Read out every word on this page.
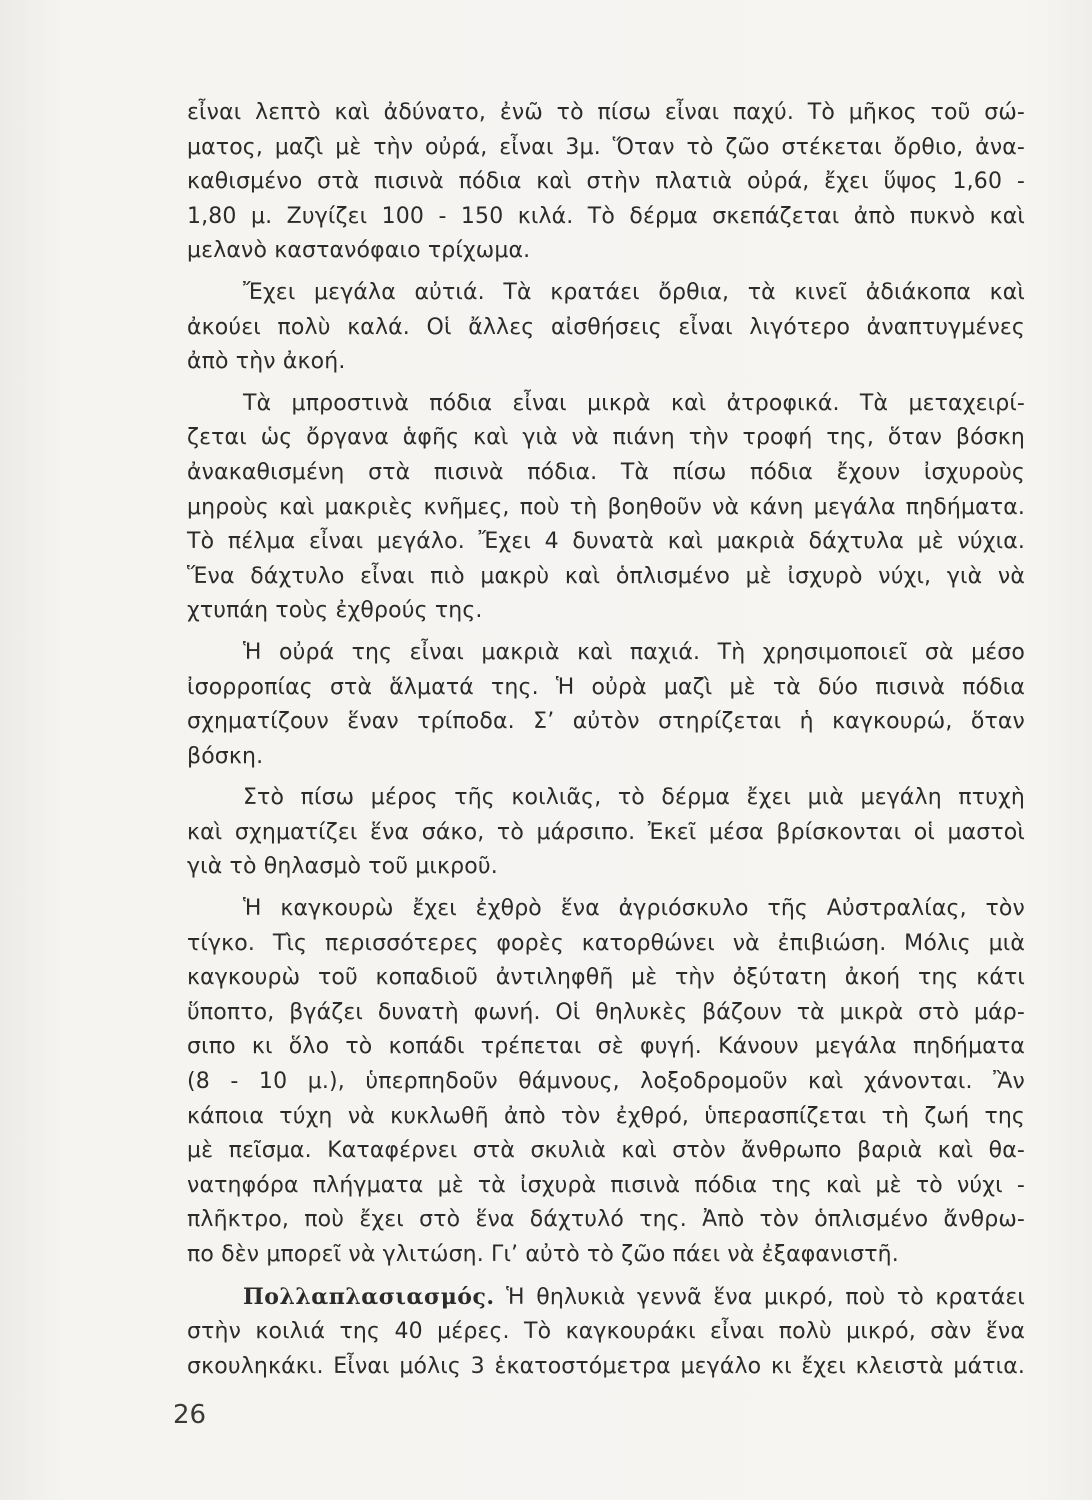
εἶναι λεπτὸ καὶ ἀδύνατο, ἐνῶ τὸ πίσω εἶναι παχύ. Τὸ μῆκος τοῦ σώ-
ματος, μαζὶ μὲ τὴν οὐρά, εἶναι 3μ. Ὅταν τὸ ζῶο στέκεται ὄρθιο, ἀνα-
καθισμένο στὰ πισινὰ πόδια καὶ στὴν πλατιὰ οὐρά, ἔχει ὕψος 1,60 -
1,80 μ. Ζυγίζει 100 - 150 κιλά. Τὸ δέρμα σκεπάζεται ἀπὸ πυκνὸ καὶ
μελανὸ καστανόφαιο τρίχωμα.

Ἔχει μεγάλα αὐτιά. Τὰ κρατάει ὄρθια, τὰ κινεῖ ἀδιάκοπα καὶ
ἀκούει πολὺ καλά. Οἱ ἄλλες αἰσθήσεις εἶναι λιγότερο ἀναπτυγμένες
ἀπὸ τὴν ἀκοή.

Τὰ μπροστινὰ πόδια εἶναι μικρὰ καὶ ἀτροφικά. Τὰ μεταχειρί-
ζεται ὡς ὄργανα ἁφῆς καὶ γιὰ νὰ πιάνη τὴν τροφή της, ὅταν βόσκη
ἀνακαθισμένη στὰ πισινὰ πόδια. Τὰ πίσω πόδια ἔχουν ἰσχυροὺς
μηροὺς καὶ μακριὲς κνῆμες, ποὺ τὴ βοηθοῦν νὰ κάνη μεγάλα πηδήματα.
Τὸ πέλμα εἶναι μεγάλο. Ἔχει 4 δυνατὰ καὶ μακριὰ δάχτυλα μὲ νύχια.
Ἕνα δάχτυλο εἶναι πιὸ μακρὺ καὶ ὁπλισμένο μὲ ἰσχυρὸ νύχι, γιὰ νὰ
χτυπάη τοὺς ἐχθρούς της.

Ἡ οὐρά της εἶναι μακριὰ καὶ παχιά. Τὴ χρησιμοποιεῖ σὰ μέσο
ἰσορροπίας στὰ ἅλματά της. Ἡ οὐρὰ μαζὶ μὲ τὰ δύο πισινὰ πόδια
σχηματίζουν ἕναν τρίποδα. Σ’ αὐτὸν στηρίζεται ἡ καγκουρώ, ὅταν
βόσκη.

Στὸ πίσω μέρος τῆς κοιλιᾶς, τὸ δέρμα ἔχει μιὰ μεγάλη πτυχὴ
καὶ σχηματίζει ἕνα σάκο, τὸ μάρσιπο. Ἐκεῖ μέσα βρίσκονται οἱ μαστοὶ
γιὰ τὸ θηλασμὸ τοῦ μικροῦ.

Ἡ καγκουρὼ ἔχει ἐχθρὸ ἕνα ἀγριόσκυλο τῆς Αὐστραλίας, τὸν
τίγκο. Τὶς περισσότερες φορὲς κατορθώνει νὰ ἐπιβιώση. Μόλις μιὰ
καγκουρὼ τοῦ κοπαδιοῦ ἀντιληφθῆ μὲ τὴν ὀξύτατη ἀκοή της κάτι
ὕποπτο, βγάζει δυνατὴ φωνή. Οἱ θηλυκὲς βάζουν τὰ μικρὰ στὸ μάρ-
σιπο κι ὅλο τὸ κοπάδι τρέπεται σὲ φυγή. Κάνουν μεγάλα πηδήματα
(8 - 10 μ.), ὑπερπηδοῦν θάμνους, λοξοδρομοῦν καὶ χάνονται. Ἂν
κάποια τύχη νὰ κυκλωθῆ ἀπὸ τὸν ἐχθρό, ὑπερασπίζεται τὴ ζωή της
μὲ πεῖσμα. Καταφέρνει στὰ σκυλιὰ καὶ στὸν ἄνθρωπο βαριὰ καὶ θα-
νατηφόρα πλήγματα μὲ τὰ ἰσχυρὰ πισινὰ πόδια της καὶ μὲ τὸ νύχι -
πλῆκτρο, ποὺ ἔχει στὸ ἕνα δάχτυλό της. Ἀπὸ τὸν ὁπλισμένο ἄνθρω-
πο δὲν μπορεῖ νὰ γλιτώση. Γι’ αὐτὸ τὸ ζῶο πάει νὰ ἐξαφανιστῆ.

Πολλαπλασιασμός. Ἡ θηλυκιὰ γεννᾶ ἕνα μικρό, ποὺ τὸ κρατάει
στὴν κοιλιά της 40 μέρες. Τὸ καγκουράκι εἶναι πολὺ μικρό, σὰν ἕνα
σκουληκάκι. Εἶναι μόλις 3 ἑκατοστόμετρα μεγάλο κι ἔχει κλειστὰ μάτια.

26
